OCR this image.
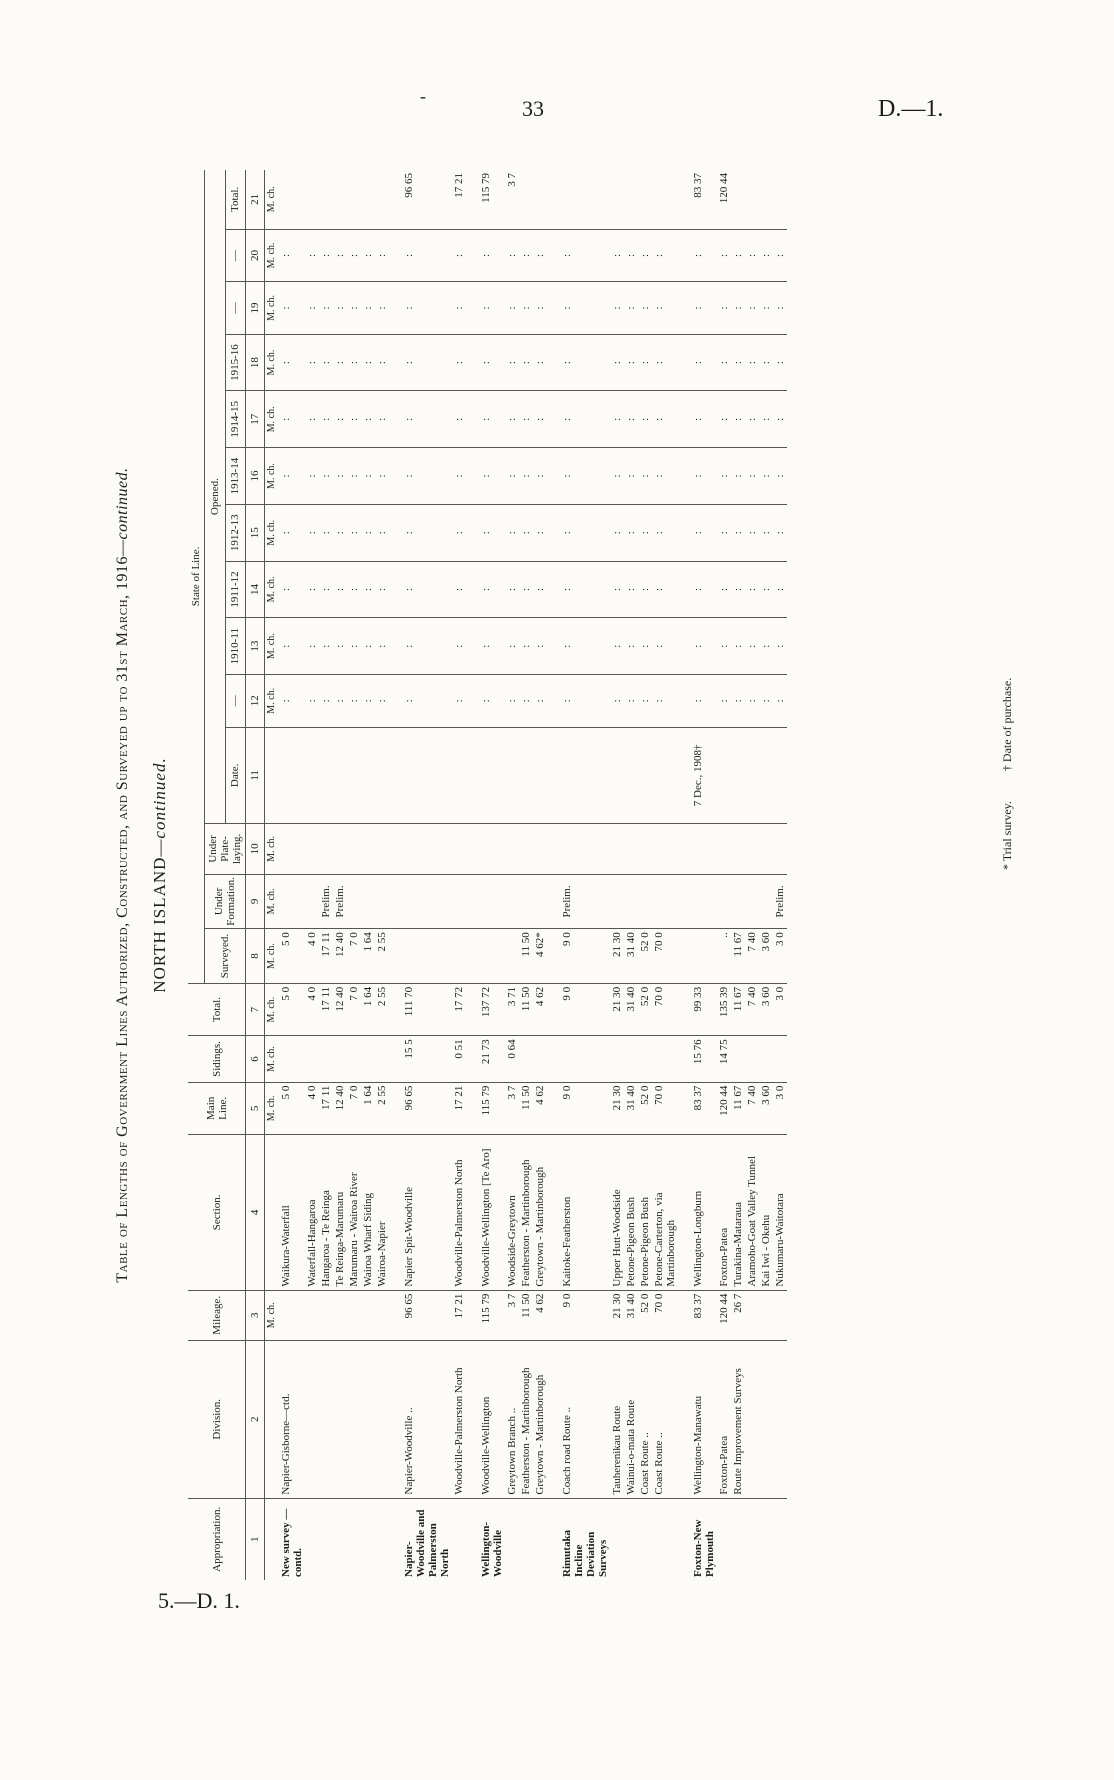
-	33	D.—1.
5.—D. 1.
Table of Lengths of Government Lines Authorized, Constructed, and Surveyed up to 31st March, 1916—continued.
NORTH ISLAND—continued.
Appropriation.	Division.	Mileage.	Section.	Main Line.	Sidings.	Total.	State of Line.													
							Surveyed.	Under Formation.	Under Plate-laying.	Opened.										
										Date.	—	1910-11	1911-12	1912-13	1913-14	1914-15	1915-16	—	—	Total.
1	2	3	4	5	6	7	8	9	10	11	12	13	14	15	16	17	18	19	20	21
		M. ch.		M. ch.	M. ch.	M. ch.	M. ch.	M. ch.	M. ch.		M. ch.	M. ch.	M. ch.	M. ch.	M. ch.	M. ch.	M. ch.	M. ch.	M. ch.	M. ch.
New survey —contd.	Napier-Gisborne—ctd.		Waikura-Waterfall	5 0		5 0	5 0				:	:	:	:	:	:	:	:	:	
			Waterfall-Hangaroa	4 0		4 0	4 0				:	:	:	:	:	:	:	:	:	
			Hangaroa - Te Reinga	17 11		17 11	17 11	Prelim.			:	:	:	:	:	:	:	:	:	
			Te Reinga-Marumaru	12 40		12 40	12 40	Prelim.			:	:	:	:	:	:	:	:	:	
			Marumaru - Wairoa River	7 0		7 0	7 0				:	:	:	:	:	:	:	:	:	
			Wairoa Wharf Siding	1 64		1 64	1 64				:	:	:	:	:	:	:	:	:	
			Wairoa-Napier	2 55		2 55	2 55				:	:	:	:	:	:	:	:	:	
Napier-Woodville and Palmerston North	Napier-Woodville ..	96 65	Napier Spit-Woodville	96 65	15 5	111 70					:	:	:	:	:	:	:	:	:	96 65
	Woodville-Palmerston North	17 21	Woodville-Palmerston North	17 21	0 51	17 72					:	:	:	:	:	:	:	:	:	17 21
Wellington-Woodville	Woodville-Wellington	115 79	Woodville-Wellington [Te Aro]	115 79	21 73	137 72					:	:	:	:	:	:	:	:	:	115 79
	Greytown Branch ..	3 7	Woodside-Greytown	3 7	0 64	3 71					:	:	:	:	:	:	:	:	:	3 7
	Featherston - Martinborough	11 50	Featherston - Martinborough	11 50		11 50	11 50				:	:	:	:	:	:	:	:	:	
	Greytown - Martinborough	4 62	Greytown - Martinborough	4 62		4 62	4 62*				:	:	:	:	:	:	:	:	:	
Rimutaka Incline Deviation Surveys	Coach road Route ..	9 0	Kaitoke-Featherston	9 0		9 0	9 0	Prelim.			:	:	:	:	:	:	:	:	:	
	Tauherenikau Route	21 30	Upper Hutt-Woodside	21 30		21 30	21 30				:	:	:	:	:	:	:	:	:	
	Wainui-o-mata Route	31 40	Petone-Pigeon Bush	31 40		31 40	31 40				:	:	:	:	:	:	:	:	:	
	Coast Route ..	52 0	Petone-Pigeon Bush	52 0		52 0	52 0				:	:	:	:	:	:	:	:	:	
	Coast Route ..	70 0	Petone-Carterton, via Martinborough	70 0		70 0	70 0				:	:	:	:	:	:	:	:	:	
Foxton-New Plymouth	Wellington-Manawatu	83 37	Wellington-Longburn	83 37	15 76	99 33				7 Dec., 1908†	:	:	:	:	:	:	:	:	:	83 37
	Foxton-Patea	120 44	Foxton-Patea	120 44	14 75	135 39	..				:	:	:	:	:	:	:	:	:	120 44
	Route Improvement Surveys	26 7	Turakina-Mataraua	11 67		11 67	11 67				:	:	:	:	:	:	:	:	:	
			Aramoho-Goat Valley Tunnel	7 40		7 40	7 40				:	:	:	:	:	:	:	:	:	
			Kai Iwi - Okehu	3 60		3 60	3 60				:	:	:	:	:	:	:	:	:	
			Nukumaru-Waitotara	3 0		3 0	3 0	Prelim.			:	:	:	:	:	:	:	:	:	
* Trial survey.          † Date of purchase.
